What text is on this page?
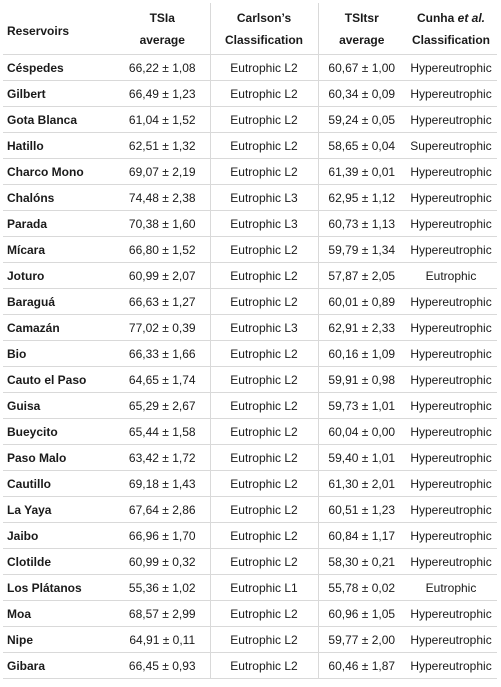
Reservoirs	TSIa	Carlson’s	TSItsr	Cunha et al.
	average	Classification	average	Classification
Céspedes	66,22 ± 1,08	Eutrophic L2	60,67 ± 1,00	Hypereutrophic
Gilbert	66,49 ± 1,23	Eutrophic L2	60,34 ± 0,09	Hypereutrophic
Gota Blanca	61,04 ± 1,52	Eutrophic L2	59,24 ± 0,05	Hypereutrophic
Hatillo	62,51 ± 1,32	Eutrophic L2	58,65 ± 0,04	Supereutrophic
Charco Mono	69,07 ± 2,19	Eutrophic L2	61,39 ± 0,01	Hypereutrophic
Chalóns	74,48 ± 2,38	Eutrophic L3	62,95 ± 1,12	Hypereutrophic
Parada	70,38 ± 1,60	Eutrophic L3	60,73 ± 1,13	Hypereutrophic
Mícara	66,80 ± 1,52	Eutrophic L2	59,79 ± 1,34	Hypereutrophic
Joturo	60,99 ± 2,07	Eutrophic L2	57,87 ± 2,05	Eutrophic
Baraguá	66,63 ± 1,27	Eutrophic L2	60,01 ± 0,89	Hypereutrophic
Camazán	77,02 ± 0,39	Eutrophic L3	62,91 ± 2,33	Hypereutrophic
Bio	66,33 ± 1,66	Eutrophic L2	60,16 ± 1,09	Hypereutrophic
Cauto el Paso	64,65 ± 1,74	Eutrophic L2	59,91 ± 0,98	Hypereutrophic
Guisa	65,29 ± 2,67	Eutrophic L2	59,73 ± 1,01	Hypereutrophic
Bueycito	65,44 ± 1,58	Eutrophic L2	60,04 ± 0,00	Hypereutrophic
Paso Malo	63,42 ± 1,72	Eutrophic L2	59,40 ± 1,01	Hypereutrophic
Cautillo	69,18 ± 1,43	Eutrophic L2	61,30 ± 2,01	Hypereutrophic
La Yaya	67,64 ± 2,86	Eutrophic L2	60,51 ± 1,23	Hypereutrophic
Jaibo	66,96 ± 1,70	Eutrophic L2	60,84 ± 1,17	Hypereutrophic
Clotilde	60,99 ± 0,32	Eutrophic L2	58,30 ± 0,21	Hypereutrophic
Los Plátanos	55,36 ± 1,02	Eutrophic L1	55,78 ± 0,02	Eutrophic
Moa	68,57 ± 2,99	Eutrophic L2	60,96 ± 1,05	Hypereutrophic
Nipe	64,91 ± 0,11	Eutrophic L2	59,77 ± 2,00	Hypereutrophic
Gibara	66,45 ± 0,93	Eutrophic L2	60,46 ± 1,87	Hypereutrophic
